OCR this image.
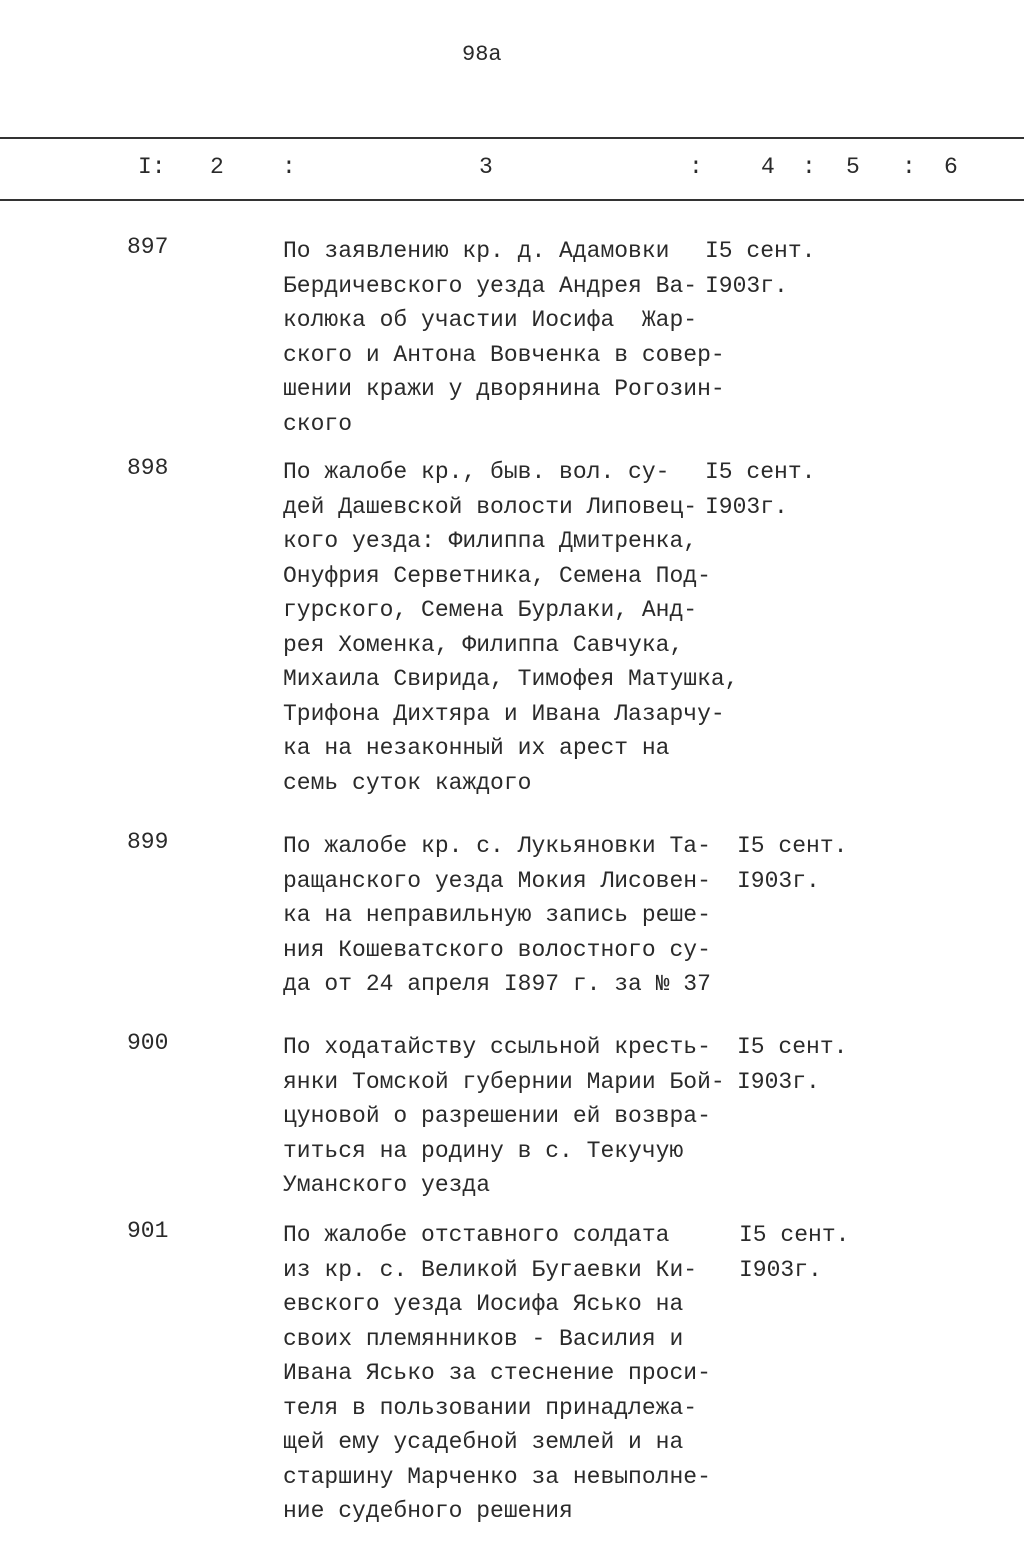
98a
I: 2	:	3	:	4 : 5 : 6
897	По заявлению кр. д. Адамовки
Бердичевского уезда Андрея Ва-
колюка об участии Иосифа  Жар-
ского и Антона Вовченка в совер-
шении кражи у дворянина Рогозин-
ского
I5 сент.
I903г.
898	По жалобе кр., быв. вол. су-
дей Дашевской волости Липовец-
кого уезда: Филиппа Дмитренка,
Онуфрия Серветника, Семена Под-
гурского, Семена Бурлаки, Анд-
рея Хоменка, Филиппа Савчука,
Михаила Свирида, Тимофея Матушка,
Трифона Дихтяра и Ивана Лазарчу-
ка на незаконный их арест на
семь суток каждого
I5 сент.
I903г.
899	По жалобе кр. с. Лукьяновки Та-
ращанского уезда Мокия Лисовен-
ка на неправильную запись реше-
ния Кошеватского волостного су-
да от 24 апреля I897 г. за № 37
I5 сент.
I903г.
900	По ходатайству ссыльной кресть-
янки Томской губернии Марии Бой-
цуновой о разрешении ей возвра-
титься на родину в с. Текучую
Уманского уезда
I5 сент.
I903г.
901	По жалобе отставного солдата
из кр. с. Великой Бугаевки Ки-
евского уезда Иосифа Ясько на
своих племянников - Василия и
Ивана Ясько за стеснение проси-
теля в пользовании принадлежа-
щей ему усадебной землей и на
старшину Марченко за невыполне-
ние судебного решения
I5 сент.
I903г.
